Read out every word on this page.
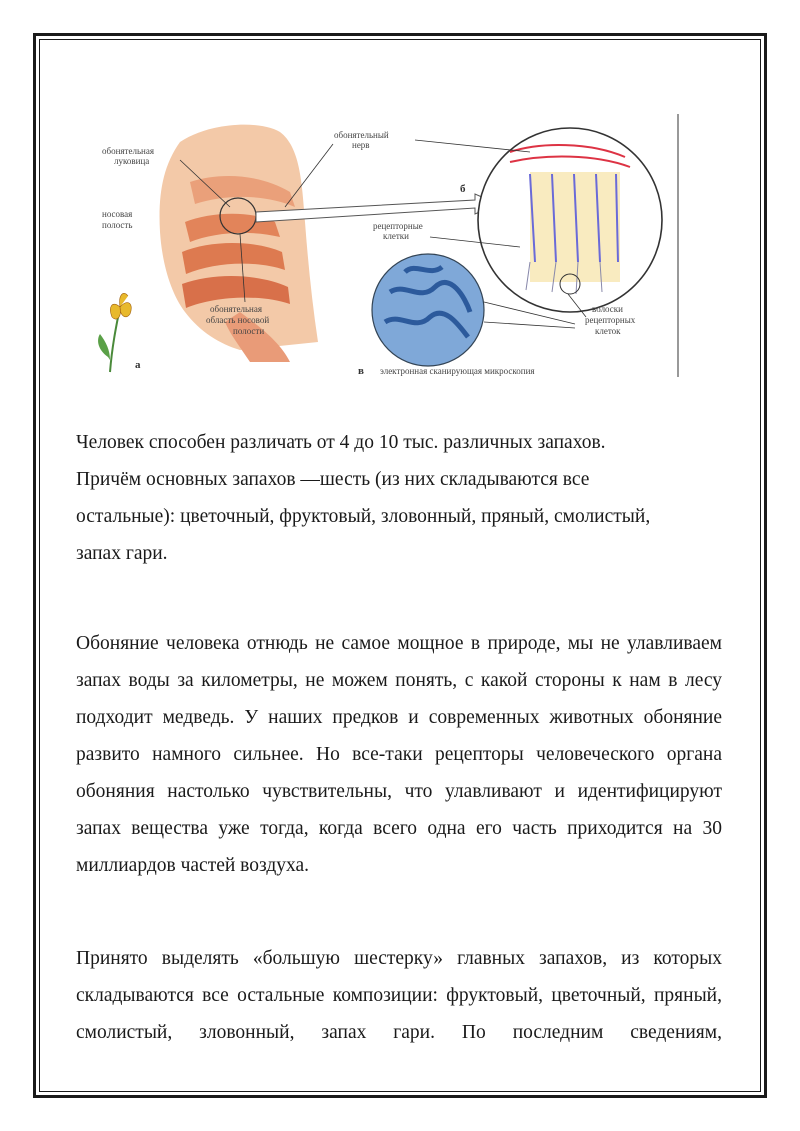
обонятельная
луковица
обонятельный
нерв
носовая
полость	рецепторные
клетки
обонятельная
область носовой
полости
волоски
рецепторных
клеток
а
б
в электронная сканирующая микроскопия
Человек способен различать от 4 до 10 тыс. различных запахов.
Причём основных запахов —шесть (из них складываются все
остальные): цветочный, фруктовый, зловонный, пряный, смолистый,
запах гари.
Обоняние человека отнюдь не самое мощное в природе, мы не улавливаем запах воды за километры, не можем понять, с какой стороны к нам в лесу подходит медведь. У наших предков и современных животных обоняние развито намного сильнее. Но все-таки рецепторы человеческого органа обоняния настолько чувствительны, что улавливают и идентифицируют запах вещества уже тогда, когда всего одна его часть приходится на 30 миллиардов частей воздуха.
Принято выделять «большую шестерку» главных запахов, из которых складываются все остальные композиции: фруктовый, цветочный, пряный, смолистый, зловонный, запах гари. По последним сведениям,
